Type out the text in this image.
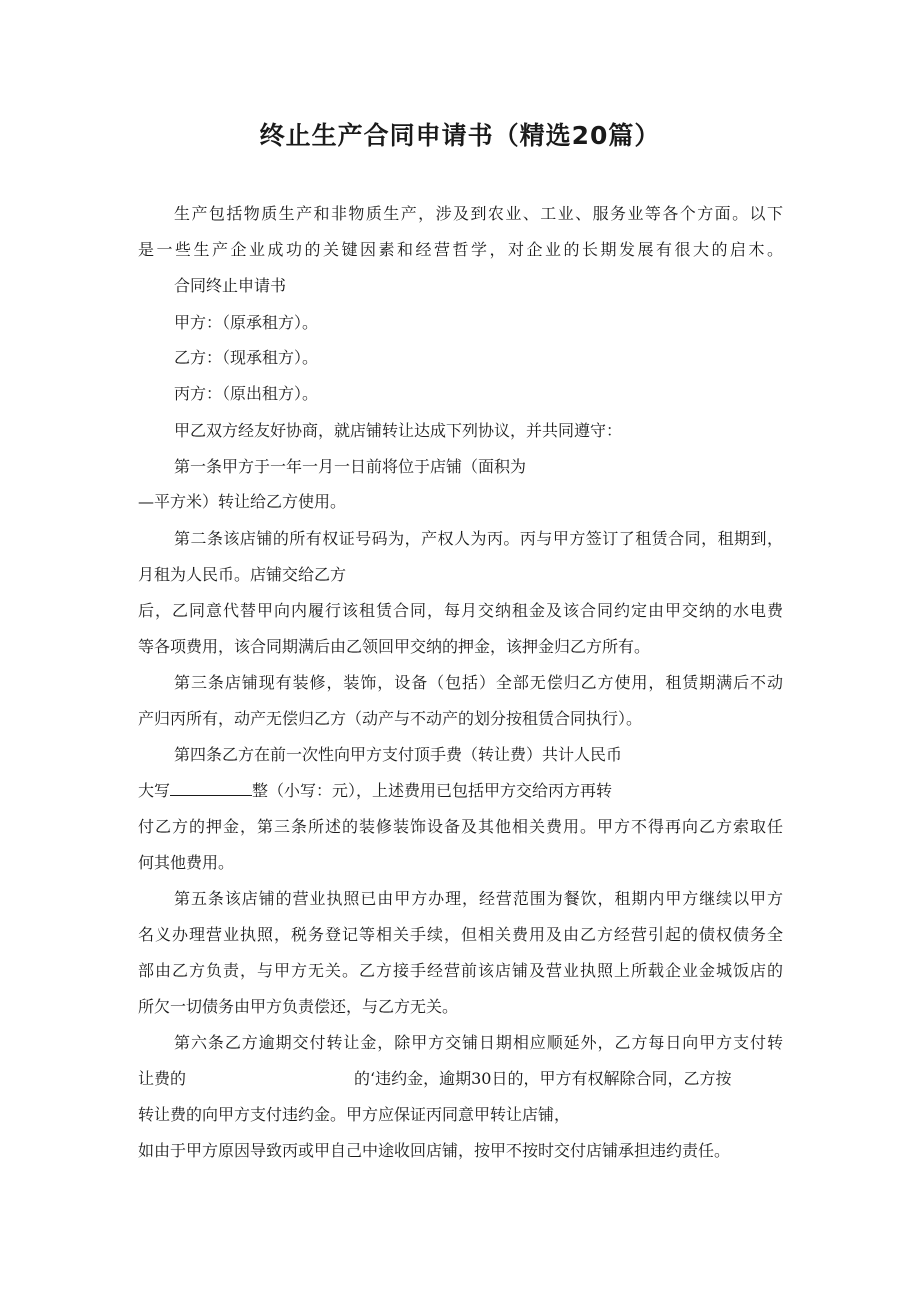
终止生产合同申请书（精选20篇）
生产包括物质生产和非物质生产，涉及到农业、工业、服务业等各个方面。以下
是一些生产企业成功的关键因素和经营哲学，对企业的长期发展有很大的启木。
合同终止申请书
甲方：（原承租方）。
乙方：（现承租方）。
丙方：（原出租方）。
甲乙双方经友好协商，就店铺转让达成下列协议，并共同遵守：
第一条甲方于一年一月一日前将位于店铺（面积为
—平方米）转让给乙方使用。
第二条该店铺的所有权证号码为，产权人为丙。丙与甲方签订了租赁合同，租期到，
月租为人民币。店铺交给乙方
后，乙同意代替甲向内履行该租赁合同，每月交纳租金及该合同约定由甲交纳的水电费
等各项费用，该合同期满后由乙领回甲交纳的押金，该押金归乙方所有。
第三条店铺现有装修，装饰，设备（包括）全部无偿归乙方使用，租赁期满后不动
产归丙所有，动产无偿归乙方（动产与不动产的划分按租赁合同执行）。
第四条乙方在前一次性向甲方支付顶手费（转让费）共计人民币
大写	整（小写：元），上述费用已包括甲方交给丙方再转
付乙方的押金，第三条所述的装修装饰设备及其他相关费用。甲方不得再向乙方索取任
何其他费用。
第五条该店铺的营业执照已由甲方办理，经营范围为餐饮，租期内甲方继续以甲方
名义办理营业执照，税务登记等相关手续，但相关费用及由乙方经营引起的债权债务全
部由乙方负责，与甲方无关。乙方接手经营前该店铺及营业执照上所载企业金城饭店的
所欠一切债务由甲方负责偿还，与乙方无关。
第六条乙方逾期交付转让金，除甲方交铺日期相应顺延外，乙方每日向甲方支付转
让费的	的‘违约金，逾期30日的，甲方有权解除合同，乙方按
转让费的向甲方支付违约金。甲方应保证丙同意甲转让店铺，
如由于甲方原因导致丙或甲自己中途收回店铺，按甲不按时交付店铺承担违约责任。
